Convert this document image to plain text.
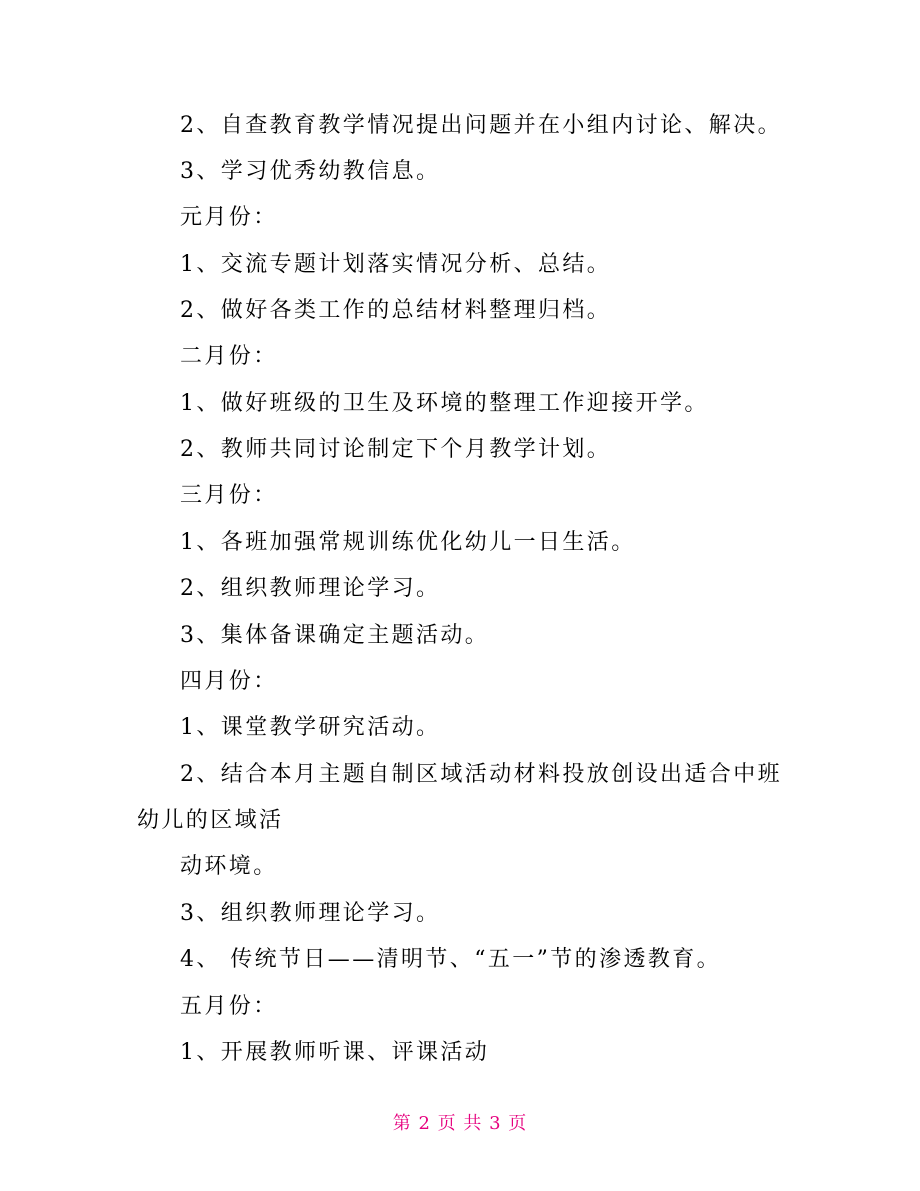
2、自查教育教学情况提出问题并在小组内讨论、解决。
3、学习优秀幼教信息。
元月份：
1、交流专题计划落实情况分析、总结。
2、做好各类工作的总结材料整理归档。
二月份：
1、做好班级的卫生及环境的整理工作迎接开学。
2、教师共同讨论制定下个月教学计划。
三月份：
1、各班加强常规训练优化幼儿一日生活。
2、组织教师理论学习。
3、集体备课确定主题活动。
四月份：
1、课堂教学研究活动。
2、结合本月主题自制区域活动材料投放创设出适合中班
幼儿的区域活
动环境。
3、组织教师理论学习。
4、 传统节日——清明节、“五一”节的渗透教育。
五月份：
1、开展教师听课、评课活动
第 2 页 共 3 页
